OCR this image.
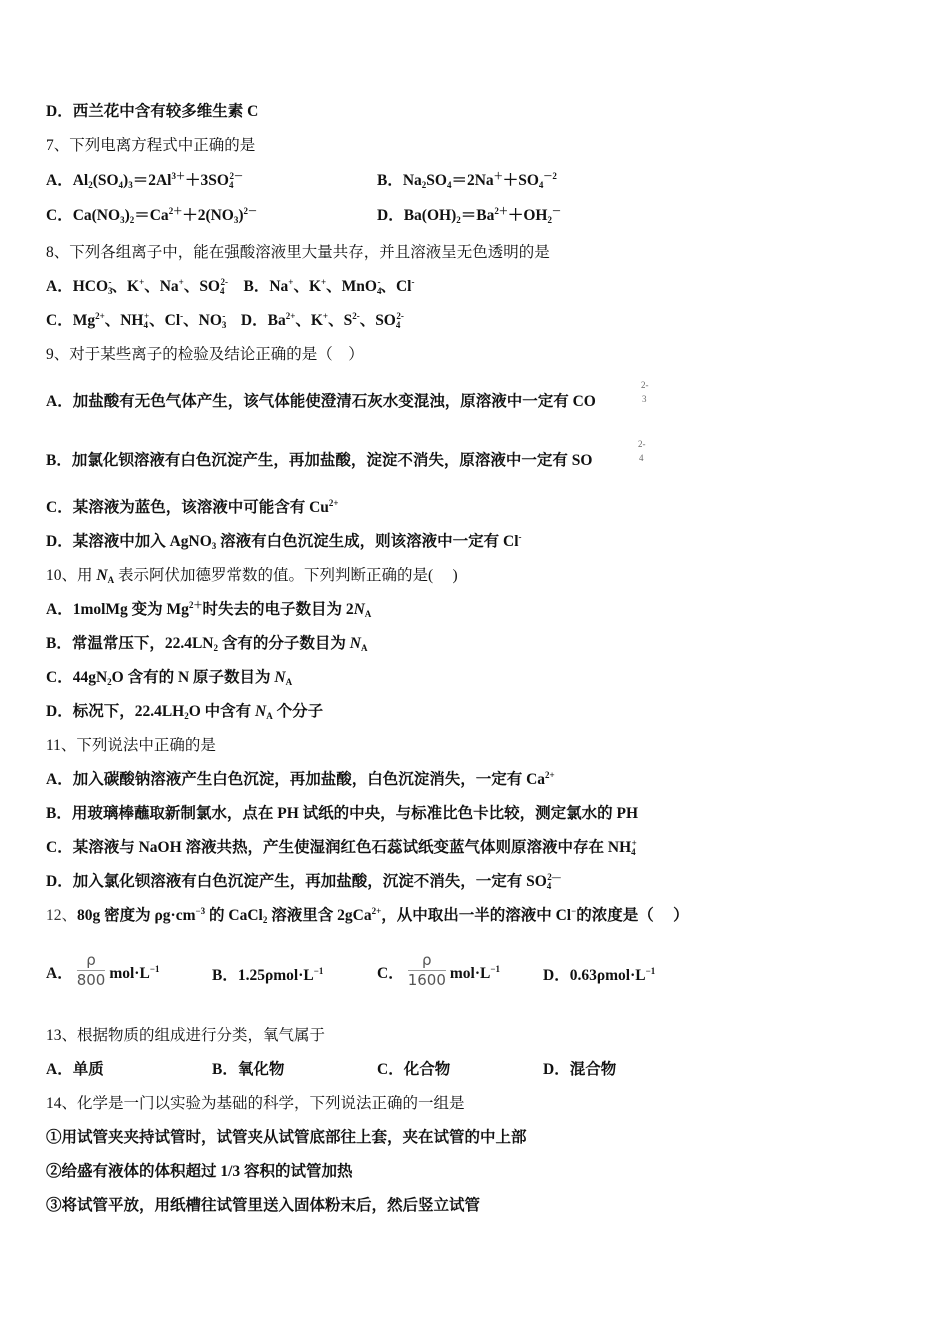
D．西兰花中含有较多维生素 C
7、下列电离方程式中正确的是
A．$Al_2(SO_4)_3=2Al^{3+}+3SO_4^{2-}$	B．$Na_2SO_4=2Na^++SO_4^{-2}$
C．$Ca(NO_3)_2=Ca^{2+}+2(NO_3)^{2-}$	D．$Ba(OH)_2=Ba^{2+}+OH_2^-$
8、下列各组离子中，能在强酸溶液里大量共存，并且溶液呈无色透明的是
A．$HCO_3^-$、K+、Na+、$SO_4^{2-}$ B．Na+、K+、MnO$_4$-、Cl-
C．$Mg^{2+}$、$NH_4^+$、Cl-、$NO_3^-$ D．$Ba^{2+}$、K+、$S^{2-}$、$SO_4^{2-}$
9、对于某些离子的检验及结论正确的是（　）
A．加盐酸有无色气体产生，该气体能使澄清石灰水变混浊，原溶液中一定有 CO
2-
3
B．加氯化钡溶液有白色沉淀产生，再加盐酸，淀淀不消失，原溶液中一定有 SO
2-
4
C．某溶液为蓝色，该溶液中可能含有 $Cu^{2+}$
D．某溶液中加入 AgNO$_3$ 溶液有白色沉淀生成，则该溶液中一定有 Cl-
10、用 $N_A$ 表示阿伏加德罗常数的值。下列判断正确的是(　 )
A．1molMg 变为 $Mg^{2+}$时失去的电子数目为 $2N_A$
B．常温常压下，$22.4LN_2$ 含有的分子数目为 $N_A$
C．$44gN_2O$ 含有的 N 原子数目为 $N_A$
D．标况下，$22.4LH_2O$ 中含有 $N_A$ 个分子
11、下列说法中正确的是
A．加入碳酸钠溶液产生白色沉淀，再加盐酸，白色沉淀消失，一定有 $Ca^{2+}$
B．用玻璃棒蘸取新制氯水，点在 PH 试纸的中央，与标准比色卡比较，测定氯水的 PH
C．某溶液与 NaOH 溶液共热，产生使湿润红色石蕊试纸变蓝气体则原溶液中存在 $NH_4^+$
D．加入氯化钡溶液有白色沉淀产生，再加盐酸，沉淀不消失，一定有 $SO_4^{2—}$
12、80g 密度为 $\rho g\cdot cm^{-3}$ 的 CaCl$_2$ 溶液里含 2gCa$^{2+}$，从中取出一半的溶液中 Cl−的浓度是（　 ）
A． $\frac{\rho}{800} mol\cdot L^{-1}$	B．$1.25\rho mol\cdot L^{-1}$	C． $\frac{\rho}{1600} mol\cdot L^{-1}$	D．$0.63\rho mol\cdot L^{-1}$
13、根据物质的组成进行分类，氧气属于
A．单质	B．氧化物	C．化合物	D．混合物
14、化学是一门以实验为基础的科学，下列说法正确的一组是
①用试管夹夹持试管时，试管夹从试管底部往上套，夹在试管的中上部
②给盛有液体的体积超过 1/3 容积的试管加热
③将试管平放，用纸槽往试管里送入固体粉末后，然后竖立试管
